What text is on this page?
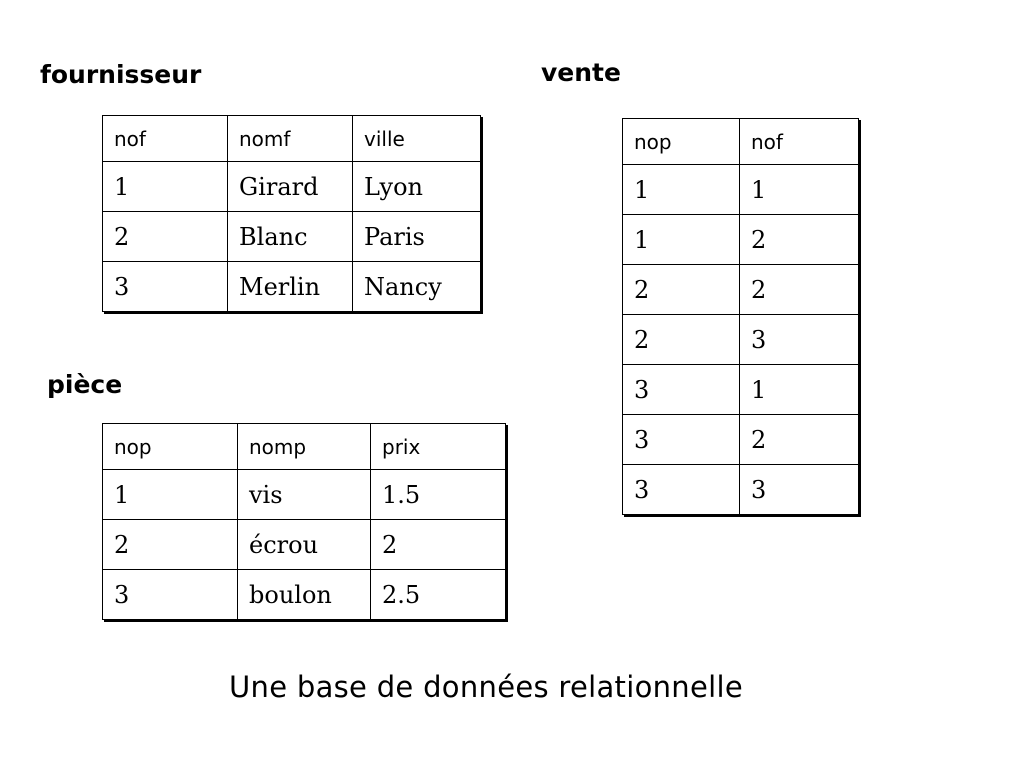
fournisseur
nof	nomf	ville
1	Girard	Lyon
2	Blanc	Paris
3	Merlin	Nancy
vente
nop	nof
1	1
1	2
2	2
2	3
3	1
3	2
3	3
pièce
nop	nomp	prix
1	vis	1.5
2	écrou	2
3	boulon	2.5

Une base de données relationnelle
